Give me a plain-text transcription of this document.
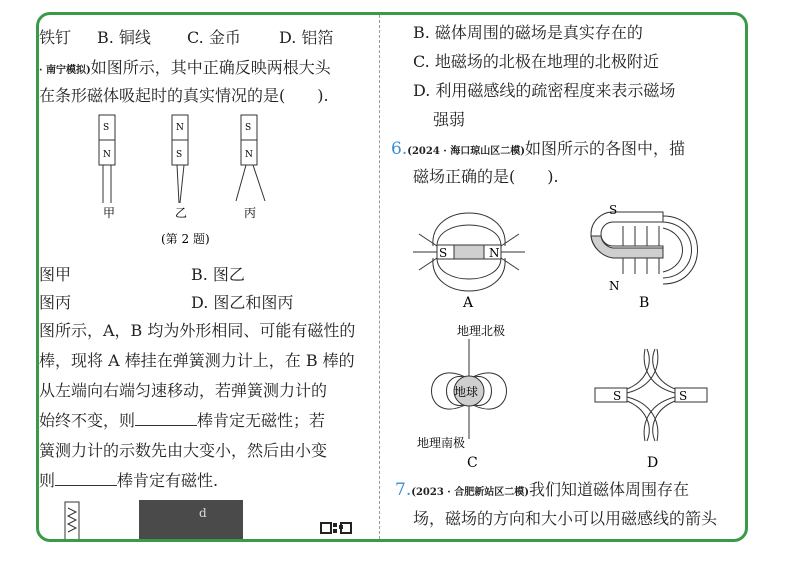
铁钉 B. 铜线 C. 金币 D. 铝箔
· 南宁模拟)如图所示，其中正确反映两根大头
在条形磁体吸起时的真实情况的是(　　).
S
N
N
S
S
N
甲	乙	丙
(第 2 题)
图甲	B. 图乙
图丙	D. 图乙和图丙
图所示，A，B 均为外形相同、可能有磁性的
棒，现将 A 棒挂在弹簧测力计上，在 B 棒的
从左端向右端匀速移动，若弹簧测力计的
始终不变，则	棒肯定无磁性；若
簧测力计的示数先由大变小，然后由小变
则	棒肯定有磁性.
d
B. 磁体周围的磁场是真实存在的
C. 地磁场的北极在地理的北极附近
D. 利用磁感线的疏密程度来表示磁场
强弱
6.(2024 · 海口琼山区二模)如图所示的各图中，描
磁场正确的是(　　).
S	N
A
S
N
B
地理北极
地球
地理南极
C
S	S
D
7.(2023 · 合肥新站区二模)我们知道磁体周围存在
场，磁场的方向和大小可以用磁感线的箭头
